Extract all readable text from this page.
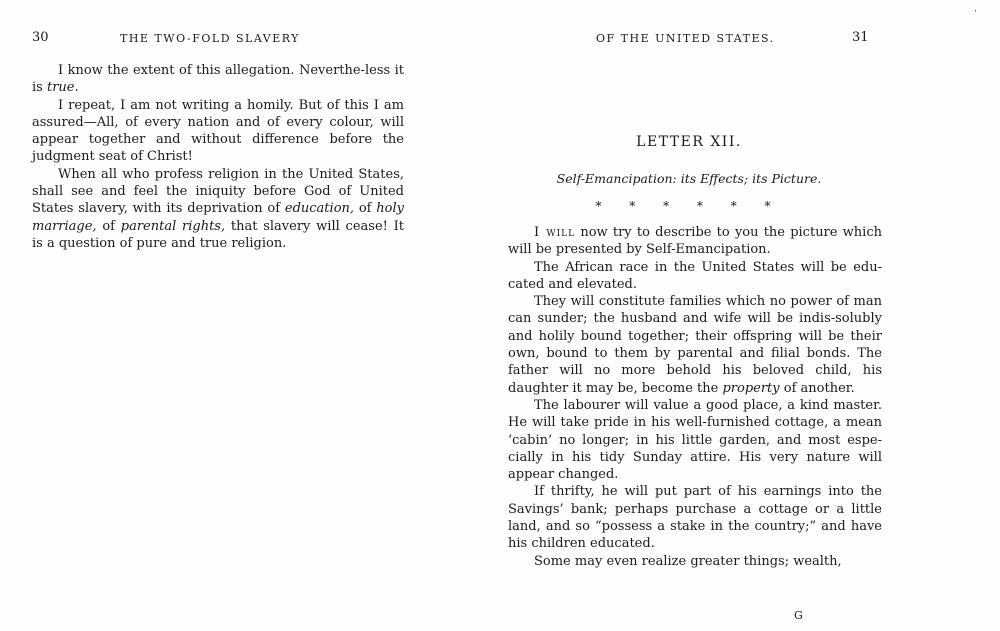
30	THE TWO-FOLD SLAVERY

I know the extent of this allegation. Neverthe-less it is true.

I repeat, I am not writing a homily. But of this I am assured—All, of every nation and of every colour, will appear together and without difference before the judgment seat of Christ!

When all who profess religion in the United States, shall see and feel the iniquity before God of United States slavery, with its deprivation of education, of holy marriage, of parental rights, that slavery will cease! It is a question of pure and true religion.

OF THE UNITED STATES.	31
LETTER XII.
Self-Emancipation: its Effects; its Picture.
* * * * * *

I will now try to describe to you the picture which will be presented by Self-Emancipation.

The African race in the United States will be edu-cated and elevated.

They will constitute families which no power of man can sunder; the husband and wife will be indis-solubly and holily bound together; their offspring will be their own, bound to them by parental and filial bonds. The father will no more behold his beloved child, his daughter it may be, become the property of another.

The labourer will value a good place, a kind master. He will take pride in his well-furnished cottage, a mean ‘cabin’ no longer; in his little garden, and most espe-cially in his tidy Sunday attire. His very nature will appear changed.

If thrifty, he will put part of his earnings into the Savings’ bank; perhaps purchase a cottage or a little land, and so “possess a stake in the country;” and have his children educated.

Some may even realize greater things; wealth,

G
ˈ
